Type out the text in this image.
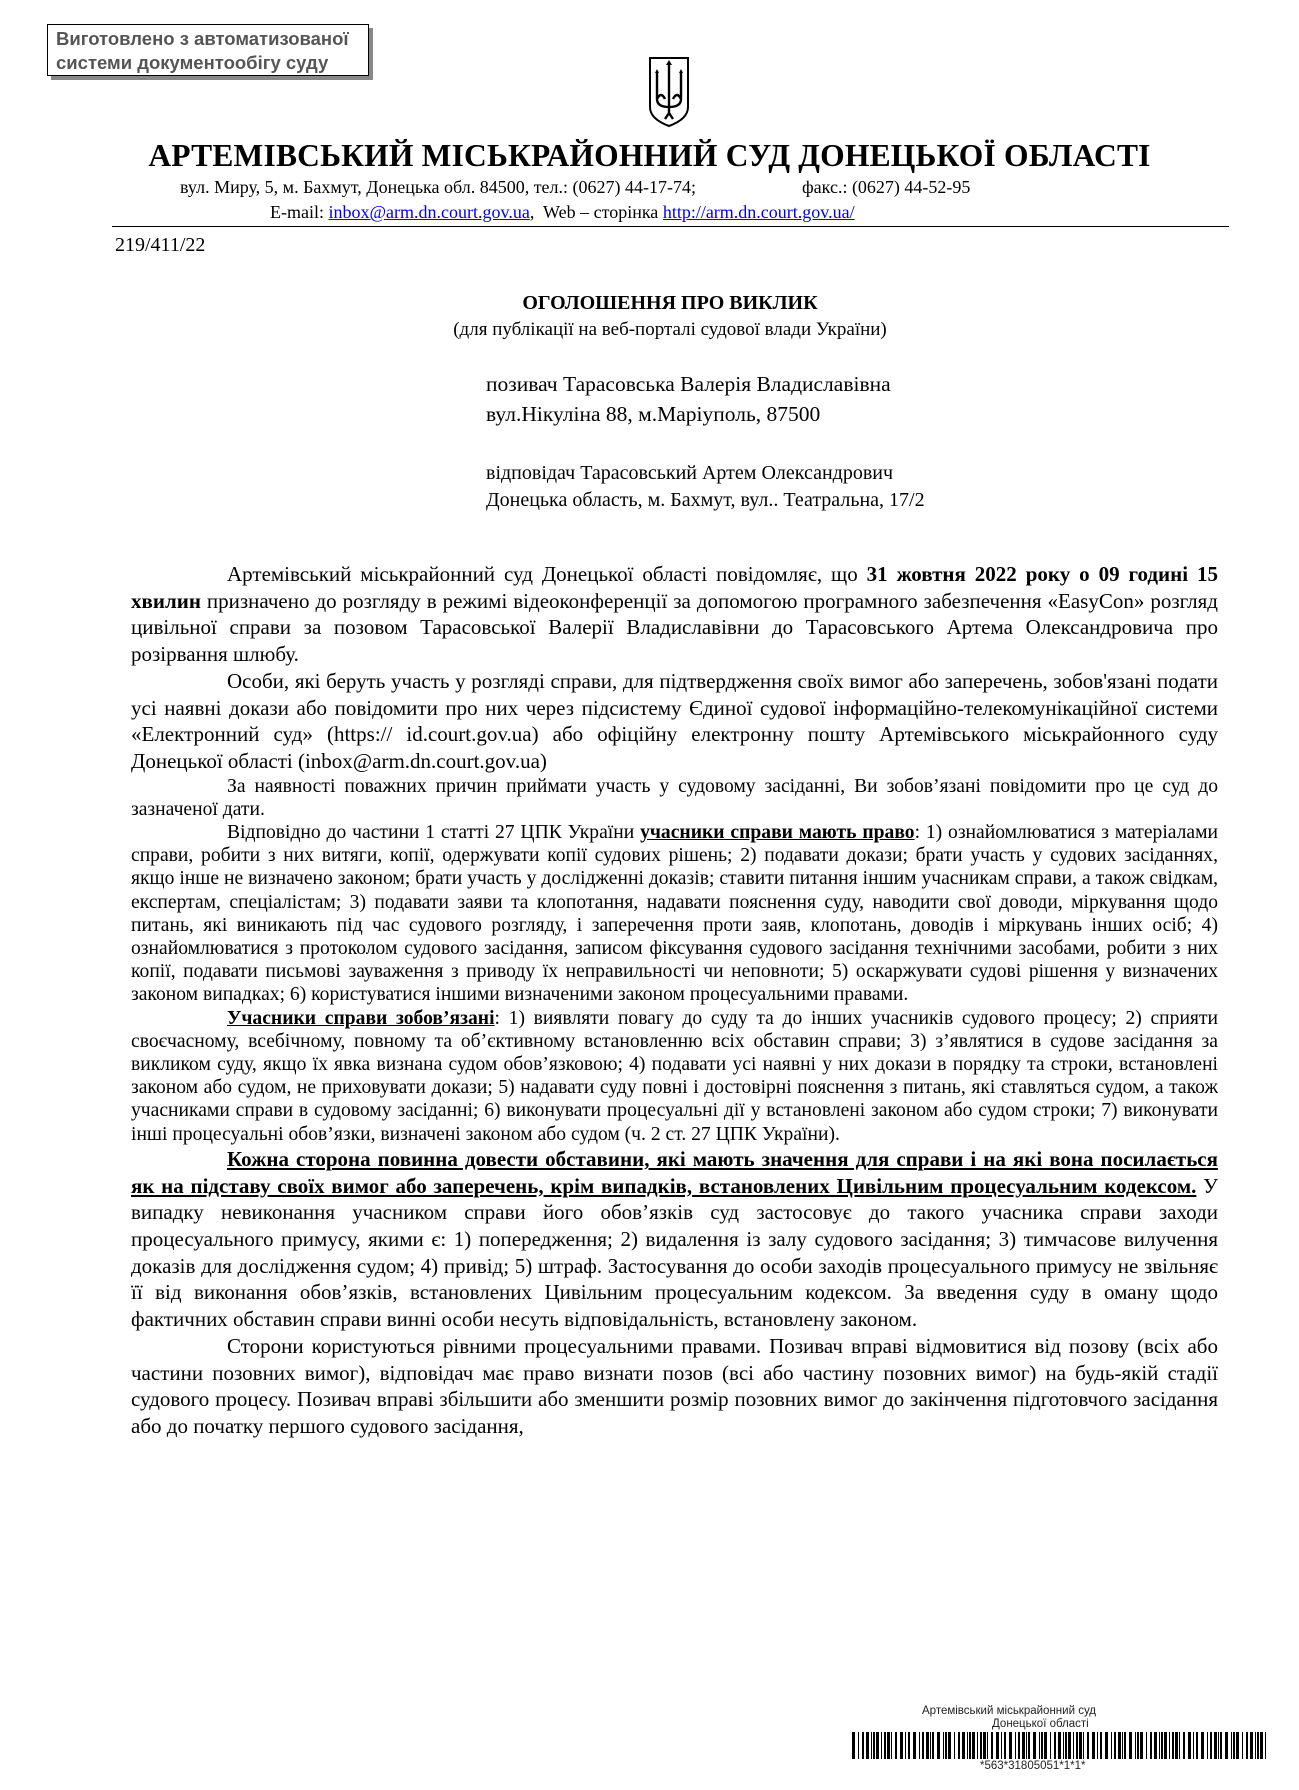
Виготовлено з автоматизованої
системи документообігу суду
АРТЕМІВСЬКИЙ МІСЬКРАЙОННИЙ СУД ДОНЕЦЬКОЇ ОБЛАСТІ
вул. Миру, 5, м. Бахмут, Донецька обл. 84500, тел.: (0627) 44-17-74;	факс.: (0627) 44-52-95
E-mail: inbox@arm.dn.court.gov.ua,  Web – сторінка http://arm.dn.court.gov.ua/
219/411/22
ОГОЛОШЕННЯ ПРО ВИКЛИК
(для публікації на веб-порталі судової влади України)
позивач Тарасовська Валерія Владиславівна
вул.Нікуліна 88, м.Маріуполь, 87500
відповідач Тарасовський Артем Олександрович
Донецька область, м. Бахмут, вул.. Театральна, 17/2

Артемівський міськрайонний суд Донецької області повідомляє, що 31 жовтня 2022 року о 09 годині 15 хвилин призначено до розгляду в режимі відеоконференції за допомогою програмного забезпечення «EasyCon» розгляд цивільної справи за позовом Тарасовської Валерії Владиславівни до Тарасовського Артема Олександровича про розірвання шлюбу.

Особи, які беруть участь у розгляді справи, для підтвердження своїх вимог або заперечень, зобов'язані подати усі наявні докази або повідомити про них через підсистему Єдиної судової інформаційно-телекомунікаційної системи «Електронний суд» (https:// id.court.gov.ua) або офіційну електронну пошту Артемівського міськрайонного суду Донецької області (inbox@arm.dn.court.gov.ua)

За наявності поважних причин приймати участь у судовому засіданні, Ви зобов’язані повідомити про це суд до зазначеної дати.

Відповідно до частини 1 статті 27 ЦПК України учасники справи мають право: 1) ознайомлюватися з матеріалами справи, робити з них витяги, копії, одержувати копії судових рішень; 2) подавати докази; брати участь у судових засіданнях, якщо інше не визначено законом; брати участь у дослідженні доказів; ставити питання іншим учасникам справи, а також свідкам, експертам, спеціалістам; 3) подавати заяви та клопотання, надавати пояснення суду, наводити свої доводи, міркування щодо питань, які виникають під час судового розгляду, і заперечення проти заяв, клопотань, доводів і міркувань інших осіб; 4) ознайомлюватися з протоколом судового засідання, записом фіксування судового засідання технічними засобами, робити з них копії, подавати письмові зауваження з приводу їх неправильності чи неповноти; 5) оскаржувати судові рішення у визначених законом випадках; 6) користуватися іншими визначеними законом процесуальними правами.

Учасники справи зобов’язані: 1) виявляти повагу до суду та до інших учасників судового процесу; 2) сприяти своєчасному, всебічному, повному та об’єктивному встановленню всіх обставин справи; 3) з’являтися в судове засідання за викликом суду, якщо їх явка визнана судом обов’язковою; 4) подавати усі наявні у них докази в порядку та строки, встановлені законом або судом, не приховувати докази; 5) надавати суду повні і достовірні пояснення з питань, які ставляться судом, а також учасниками справи в судовому засіданні; 6) виконувати процесуальні дії у встановлені законом або судом строки; 7) виконувати інші процесуальні обов’язки, визначені законом або судом (ч. 2 ст. 27 ЦПК України).

Кожна сторона повинна довести обставини, які мають значення для справи і на які вона посилається як на підставу своїх вимог або заперечень, крім випадків, встановлених Цивільним процесуальним кодексом. У випадку невиконання учасником справи його обов’язків суд застосовує до такого учасника справи заходи процесуального примусу, якими є: 1) попередження; 2) видалення із залу судового засідання; 3) тимчасове вилучення доказів для дослідження судом; 4) привід; 5) штраф. Застосування до особи заходів процесуального примусу не звільняє її від виконання обов’язків, встановлених Цивільним процесуальним кодексом. За введення суду в оману щодо фактичних обставин справи винні особи несуть відповідальність, встановлену законом.

Сторони користуються рівними процесуальними правами. Позивач вправі відмовитися від позову (всіх або частини позовних вимог), відповідач має право визнати позов (всі або частину позовних вимог) на будь-якій стадії судового процесу. Позивач вправі збільшити або зменшити розмір позовних вимог до закінчення підготовчого засідання або до початку першого судового засідання,

Артемівський міськрайонний суд
Донецької області
*563*31805051*1*1*
